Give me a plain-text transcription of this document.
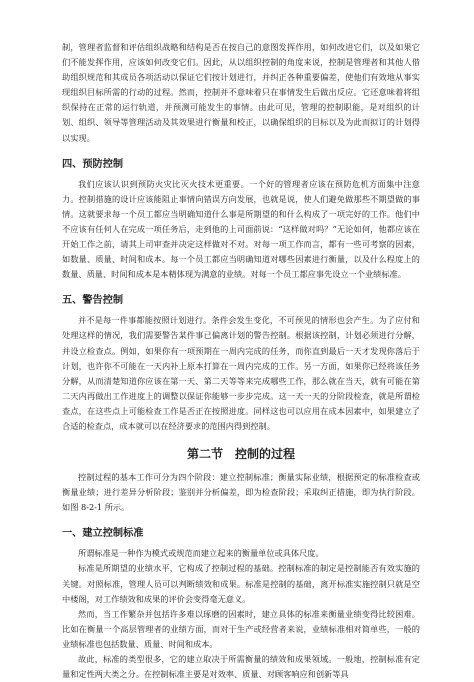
制，管理者监督和评估组织战略和结构是否在按自己的意图发挥作用，如何改进它们，以及如果它们不能发挥作用，应该如何改变它们。因此，从以组织控制的角度来说，控制是管理者和其他人借助组织规范和其成员各项活动以保证它们按计划进行，并纠正各种重要偏差，使他们有效地从事实现组织目标所需的行动的过程。然而，控制并不意味着只在事情发生后做出反应。它还意味着将组织保持在正常的运行轨道，并预测可能发生的事情。由此可见，管理的控制职能，是对组织的计划、组织、领导等管理活动及其效果进行衡量和校正，以确保组织的目标以及为此而拟订的计划得以实现。

四、预防控制

我们应该认识到预防火灾比灭火技术更重要。一个好的管理者应该在预防危机方面集中注意力。控制措施的设计应该能阻止事情向错误方向发展，也就是说，使人们避免做那些不期望做的事情。这就要求每一个员工都应当明确知道什么事是所期望的和什么构成了一项完好的工作。他们中不应该有任何人在完成一项任务后，走到他的上司面前说：“这样做对吗？”无论如何，他都应该在开始工作之前，请其上司审查并决定这样做对不对。对每一项工作而言，都有一些可考察的因素，如数量、质量、时间和成本。每一个员工都应当明确知道对哪些因素进行衡量，以及什么程度上的数量、质量、时间和成本是本精体现为满意的业绩。对每一个员工都应事先设立一个业绩标准。

五、警告控制

并不是每一件事都能按照计划进行。条件会发生变化，不可预见的情形也会产生。为了应付和处理这样的情况，我们需要警告某件事已偏离计划的警告控制。根据该控制，计划必须进行分解，并设立检查点。例如，如果你有一项预期在一周内完成的任务，而你直到最后一天才发现你落后于计划，也许你不可能在一天内补上原本打算在一周内完成的工作。另一方面，如果你已经将该任务分解，从而清楚知道你应该在第一天、第二天等等来完成哪些工作，那么就在当天，就有可能在第二天内再做出工作进度上的调整以保证你能够一步步完成。这一天一天的分阶段检查，就是所谓检查点，在这些点上可能检查工作是否正在按照进度。同样这也可以应用在成本因素中，如果建立了合适的检查点，成本就可以在经济要求的范围内得到控制。

第二节　控制的过程

控制过程的基本工作可分为四个阶段：建立控制标准；衡量实际业绩，根据预定的标准检查或衡量业绩；进行差异分析阶段；鉴别并分析偏差，即为检查阶段；采取纠正措施，即为执行阶段。如图 8-2-1 所示。

一、建立控制标准

所谓标准是一种作为模式或规范而建立起来的衡量单位或具体尺度。

标准是所期望的业绩水平，它构成了控制过程的基础。控制标准的制定是控制能否有效实施的关键。对照标准，管理人员可以判断绩效和成果。标准是控制的基础，离开标准实施控制只就是空中楼阁，对工作绩效和成果的评价会变得毫无意义。

然而，当工作繁杂并包括许多难以琢磨的因素时，建立具体的标准来衡量业绩变得比较困难。比如在衡量一个高层管理者的业绩方面，而对于生产或经营者来说，业绩标准相对简单些，一般的业绩标准也包括数量、质量、时间和成本。

故此，标准的类型很多，它的建立取决于所需衡量的绩效和成果领域。一般地，控制标准有定量和定性两大类之分。在控制标准主要是对效率、质量、对顾客响应和创新等具
